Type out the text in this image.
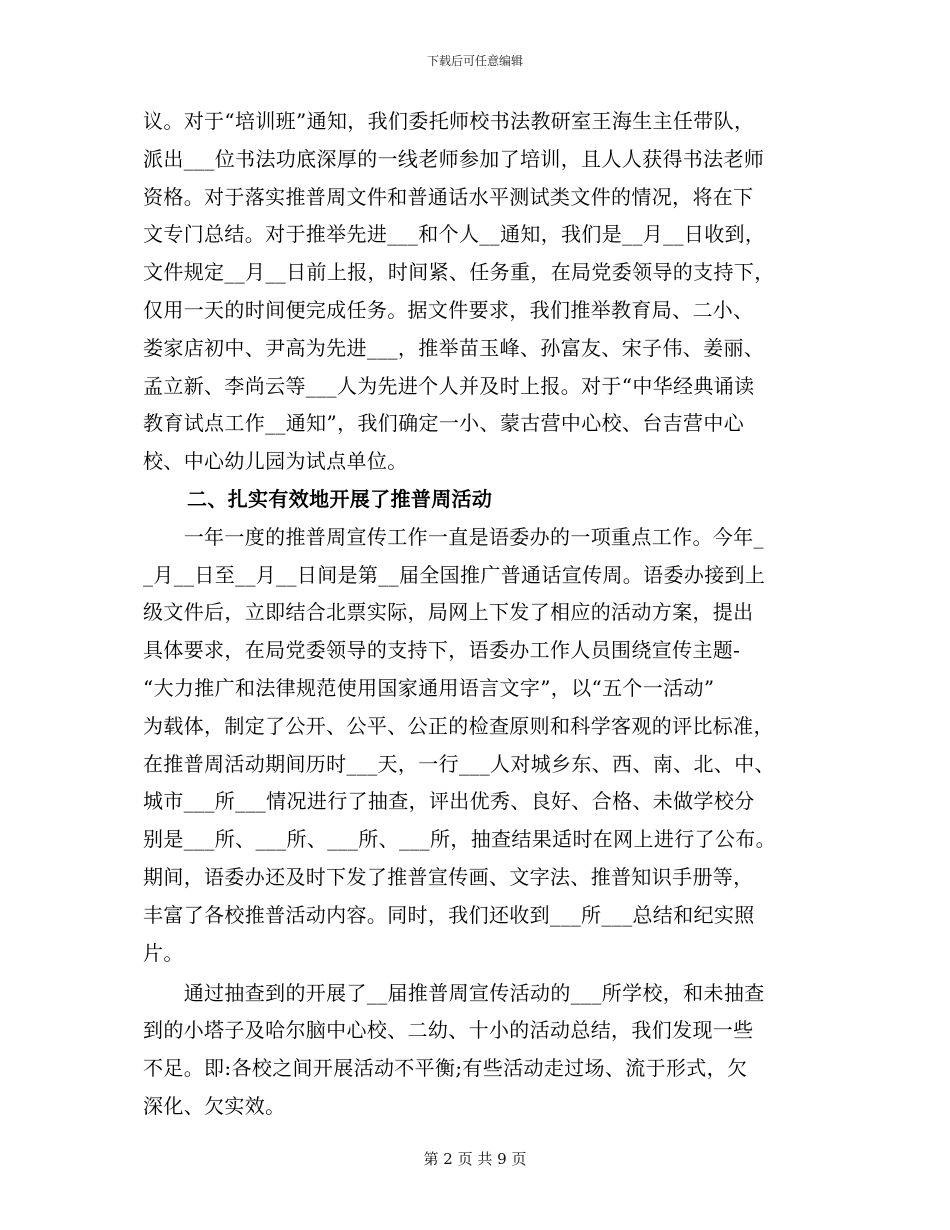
下载后可任意编辑
议。对于“培训班”通知，我们委托师校书法教研室王海生主任带队，
派出___位书法功底深厚的一线老师参加了培训，且人人获得书法老师
资格。对于落实推普周文件和普通话水平测试类文件的情况，将在下
文专门总结。对于推举先进___和个人__通知，我们是__月__日收到，
文件规定__月__日前上报，时间紧、任务重，在局党委领导的支持下，
仅用一天的时间便完成任务。据文件要求，我们推举教育局、二小、
娄家店初中、尹高为先进___，推举苗玉峰、孙富友、宋子伟、姜丽、
孟立新、李尚云等___人为先进个人并及时上报。对于“中华经典诵读
教育试点工作__通知”，我们确定一小、蒙古营中心校、台吉营中心
校、中心幼儿园为试点单位。
二、扎实有效地开展了推普周活动
　　一年一度的推普周宣传工作一直是语委办的一项重点工作。今年_
_月__日至__月__日间是第__届全国推广普通话宣传周。语委办接到上
级文件后，立即结合北票实际，局网上下发了相应的活动方案，提出
具体要求，在局党委领导的支持下，语委办工作人员围绕宣传主题-
“大力推广和法律规范使用国家通用语言文字”，以“五个一活动”
为载体，制定了公开、公平、公正的检查原则和科学客观的评比标准，
在推普周活动期间历时___天，一行___人对城乡东、西、南、北、中、
城市___所___情况进行了抽查，评出优秀、良好、合格、未做学校分
别是___所、___所、___所、___所，抽查结果适时在网上进行了公布。
期间，语委办还及时下发了推普宣传画、文字法、推普知识手册等，
丰富了各校推普活动内容。同时，我们还收到___所___总结和纪实照
片。
　　通过抽查到的开展了__届推普周宣传活动的___所学校，和未抽查
到的小塔子及哈尔脑中心校、二幼、十小的活动总结，我们发现一些
不足。即:各校之间开展活动不平衡;有些活动走过场、流于形式，欠
深化、欠实效。
第 2 页 共 9 页
